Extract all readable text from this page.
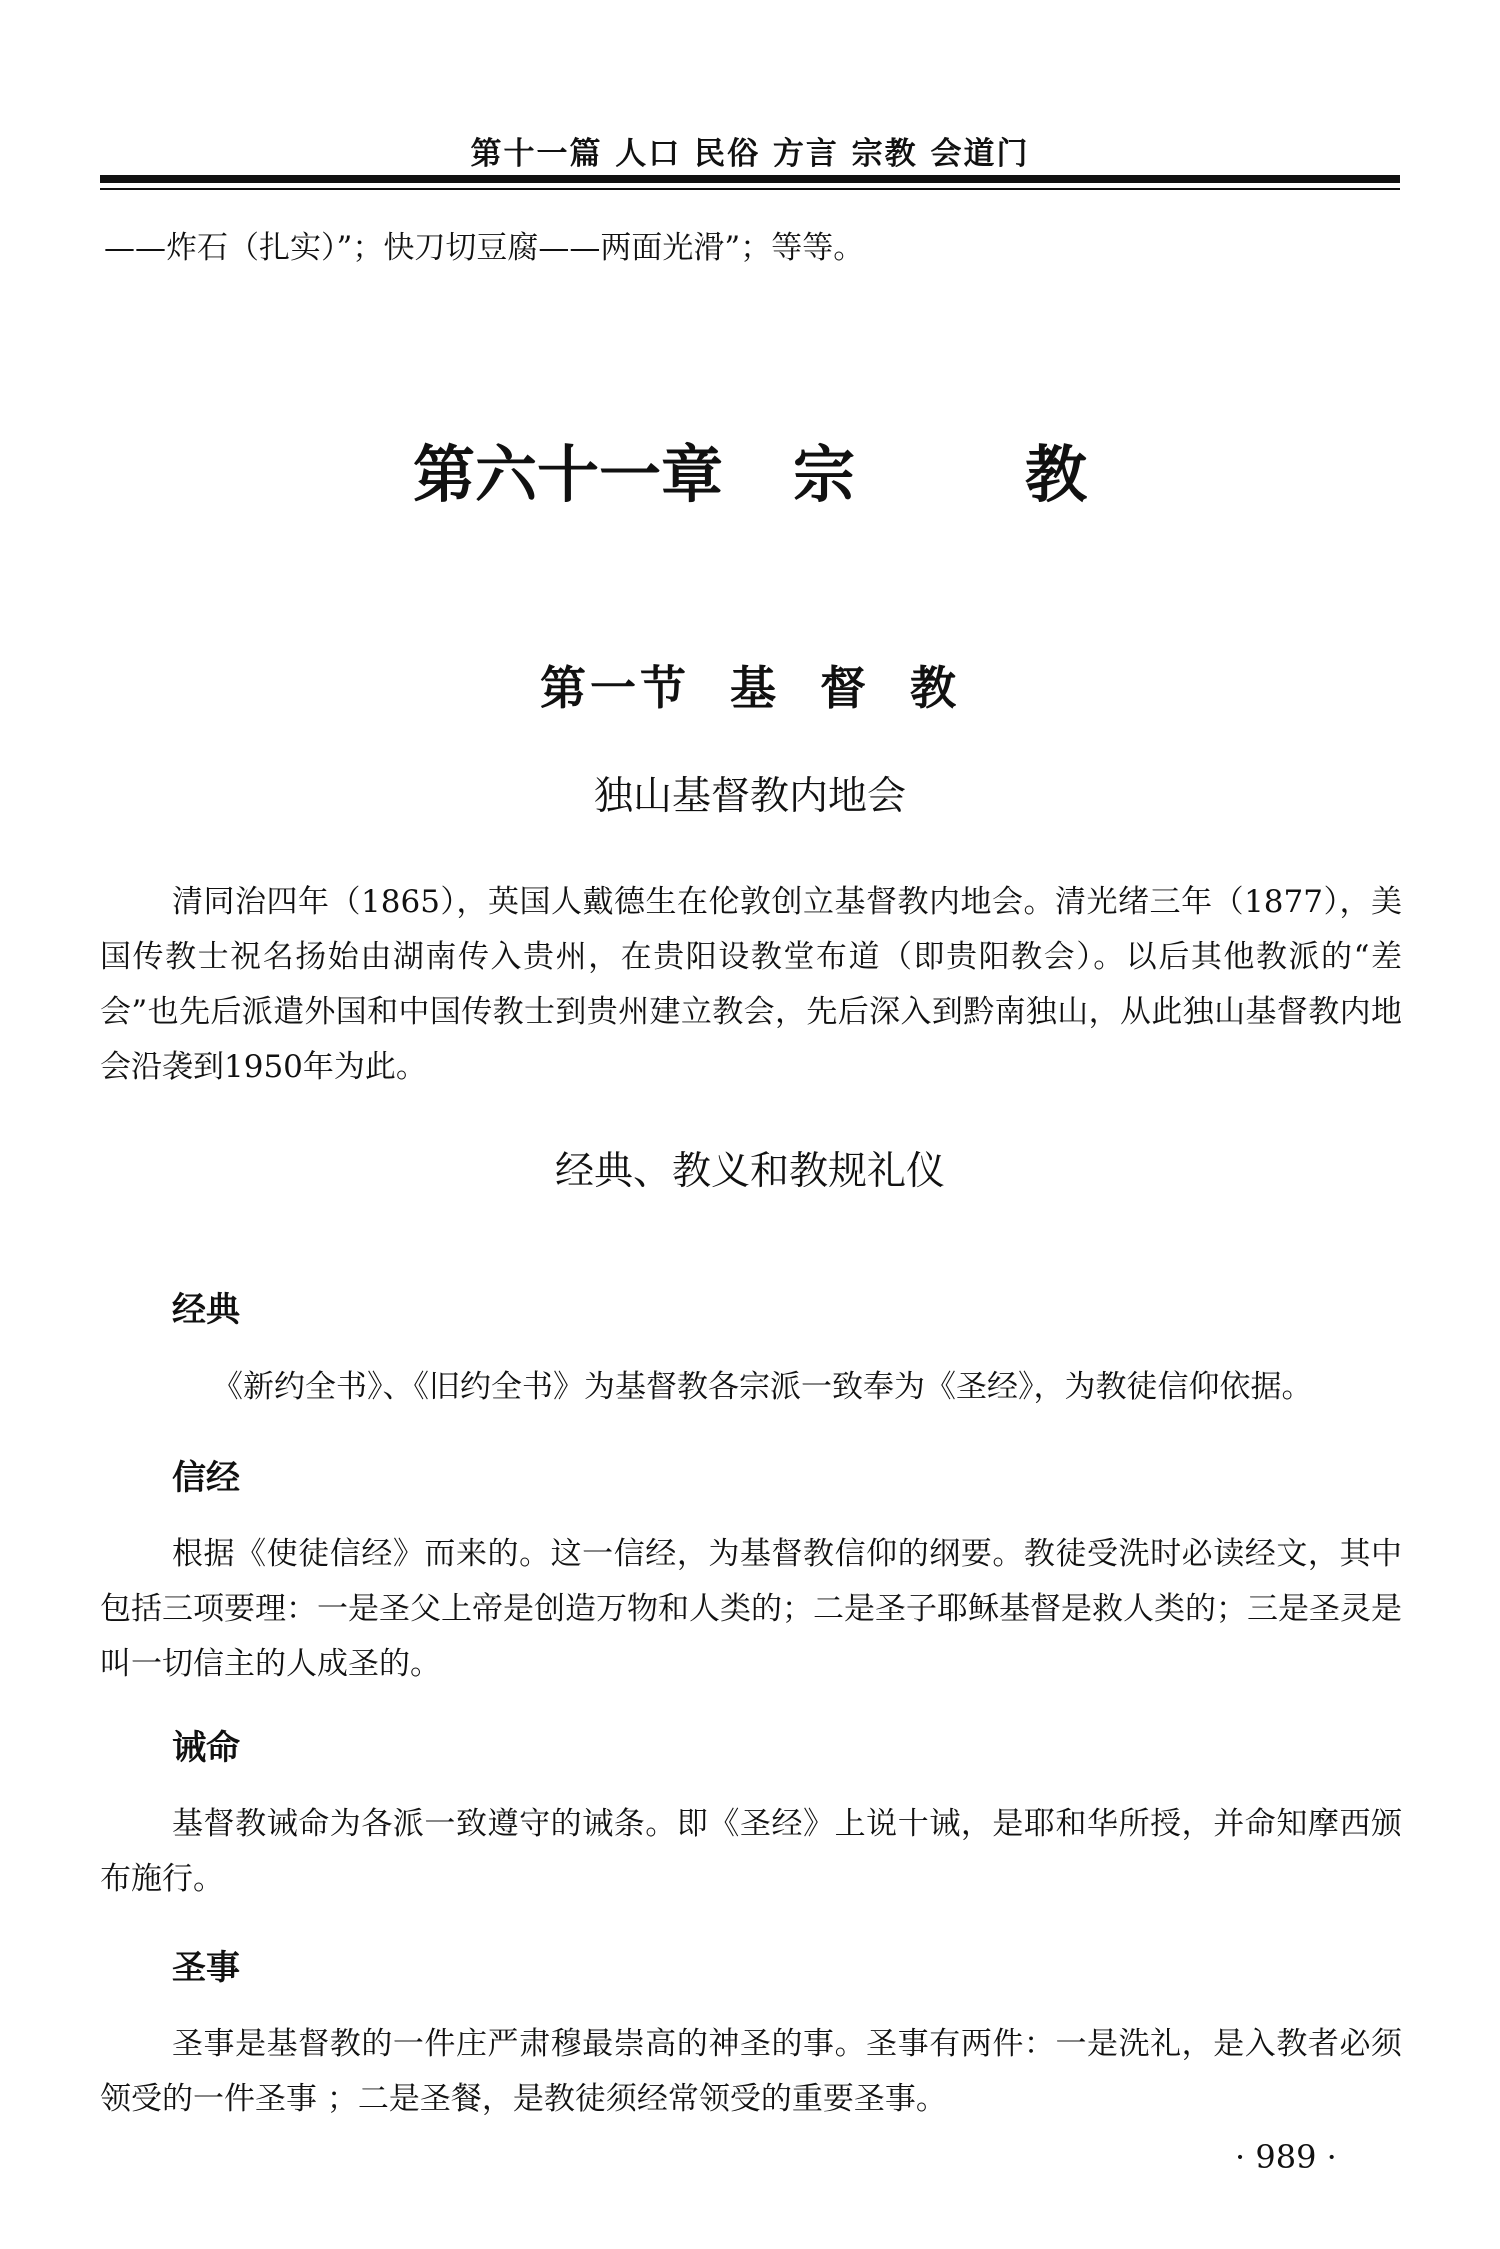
第十一篇 人口 民俗 方言 宗教 会道门
——炸石（扎实）”；快刀切豆腐——两面光滑”；等等。
第六十一章 宗	教
第一节 基 督 教
独山基督教内地会
清同治四年（1865），英国人戴德生在伦敦创立基督教内地会。清光绪三年（1877），美国传教士祝名扬始由湖南传入贵州，在贵阳设教堂布道（即贵阳教会）。以后其他教派的“差会”也先后派遣外国和中国传教士到贵州建立教会，先后深入到黔南独山，从此独山基督教内地会沿袭到1950年为此。
经典、教义和教规礼仪
经典
《新约全书》、《旧约全书》为基督教各宗派一致奉为《圣经》，为教徒信仰依据。
信经
根据《使徒信经》而来的。这一信经，为基督教信仰的纲要。教徒受洗时必读经文，其中包括三项要理：一是圣父上帝是创造万物和人类的；二是圣子耶稣基督是救人类的；三是圣灵是叫一切信主的人成圣的。
诫命
基督教诫命为各派一致遵守的诫条。即《圣经》上说十诫，是耶和华所授，并命知摩西颁布施行。
圣事
圣事是基督教的一件庄严肃穆最崇高的神圣的事。圣事有两件：一是洗礼，是入教者必须领受的一件圣事 ；二是圣餐，是教徒须经常领受的重要圣事。
· 989 ·
